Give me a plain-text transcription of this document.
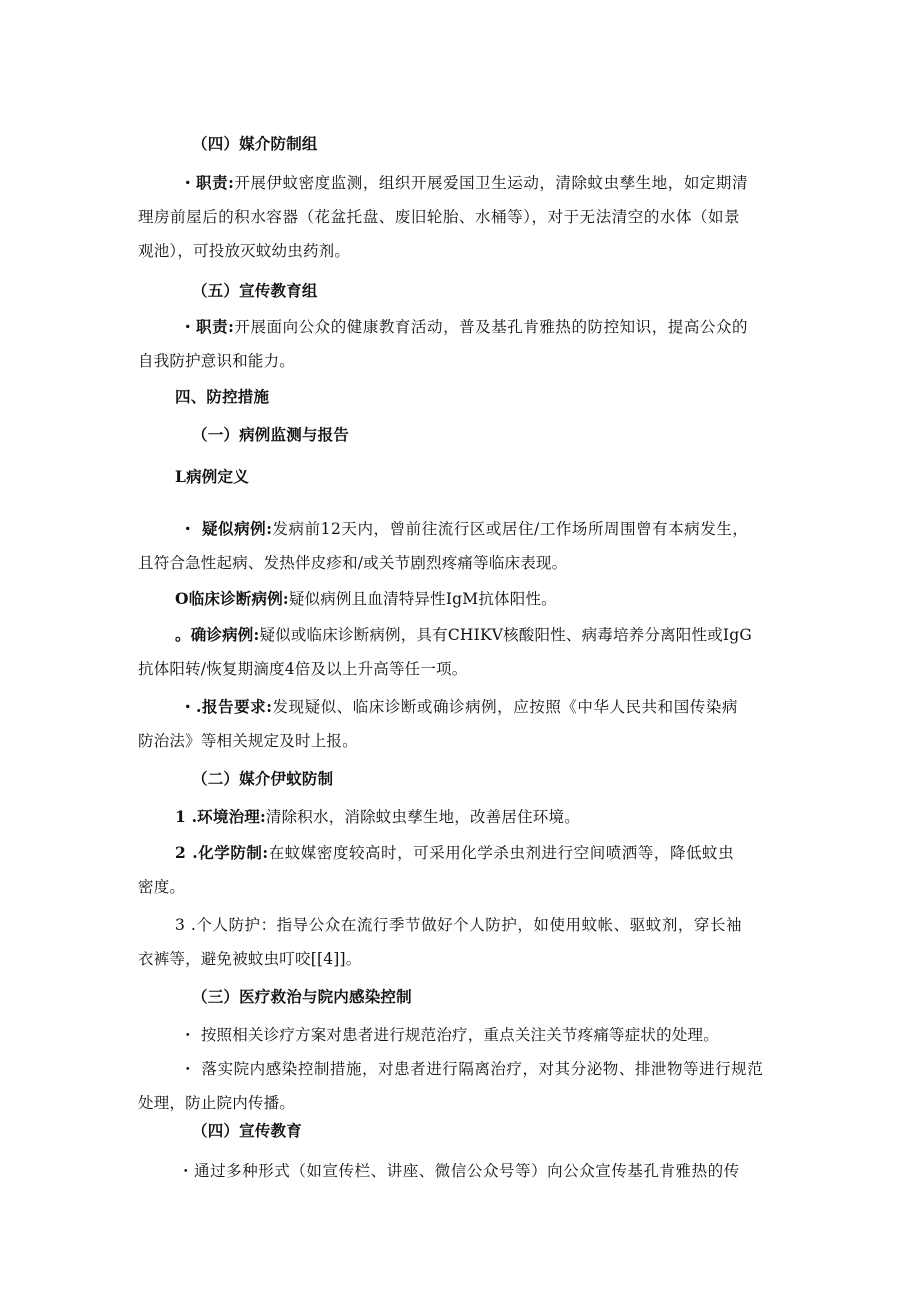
（四）媒介防制组
・职责:开展伊蚊密度监测，组织开展爱国卫生运动，清除蚊虫孳生地，如定期清
理房前屋后的积水容器（花盆托盘、废旧轮胎、水桶等），对于无法清空的水体（如景
观池），可投放灭蚊幼虫药剂。
（五）宣传教育组
・职责:开展面向公众的健康教育活动，普及基孔肯雅热的防控知识，提高公众的
自我防护意识和能力。
四、防控措施
（一）病例监测与报告
L病例定义
・ 疑似病例:发病前12天内，曾前往流行区或居住/工作场所周围曾有本病发生，
且符合急性起病、发热伴皮疹和/或关节剧烈疼痛等临床表现。
O临床诊断病例:疑似病例且血清特异性IgM抗体阳性。
。确诊病例:疑似或临床诊断病例，具有CHIKV核酸阳性、病毒培养分离阳性或IgG
抗体阳转/恢复期滴度4倍及以上升高等任一项。
・.报告要求:发现疑似、临床诊断或确诊病例，应按照《中华人民共和国传染病
防治法》等相关规定及时上报。
（二）媒介伊蚊防制
1 .环境治理:清除积水，消除蚊虫孳生地，改善居住环境。
2 .化学防制:在蚊媒密度较高时，可采用化学杀虫剂进行空间喷洒等，降低蚊虫
密度。
3 .个人防护：指导公众在流行季节做好个人防护，如使用蚊帐、驱蚊剂，穿长袖
衣裤等，避免被蚊虫叮咬[[4]]。
（三）医疗救治与院内感染控制
・ 按照相关诊疗方案对患者进行规范治疗，重点关注关节疼痛等症状的处理。
・ 落实院内感染控制措施，对患者进行隔离治疗，对其分泌物、排泄物等进行规范
处理，防止院内传播。
（四）宣传教育
・通过多种形式（如宣传栏、讲座、微信公众号等）向公众宣传基孔肯雅热的传
